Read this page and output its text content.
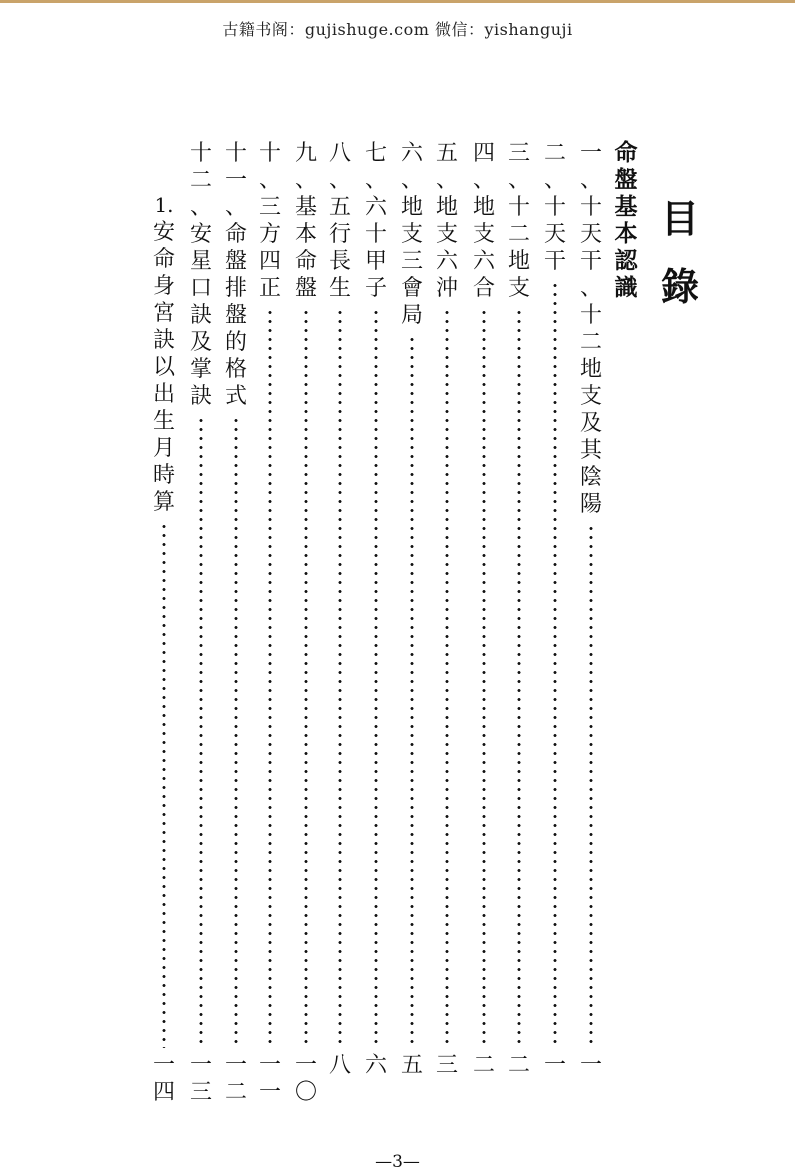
古籍书阁：gujishuge.com 微信：yishanguji
目
錄
命
盤
基
本
認
識
一
、
十
天
干
、
十
二
地
支
及
其
陰
陽
一
二
、
十
天
干
一
三
、
十
二
地
支
二
四
、
地
支
六
合
二
五
、
地
支
六
沖
三
六
、
地
支
三
會
局
五
七
、
六
十
甲
子
六
八
、
五
行
長
生
八
九
、
基
本
命
盤
一
〇
十
、
三
方
四
正
一
一
十
一
、
命
盤
排
盤
的
格
式
一
二
十
二
、
安
星
口
訣
及
掌
訣
一
三
1.
安
命
身
宮
訣
以
出
生
月
時
算
一
四
—3—
